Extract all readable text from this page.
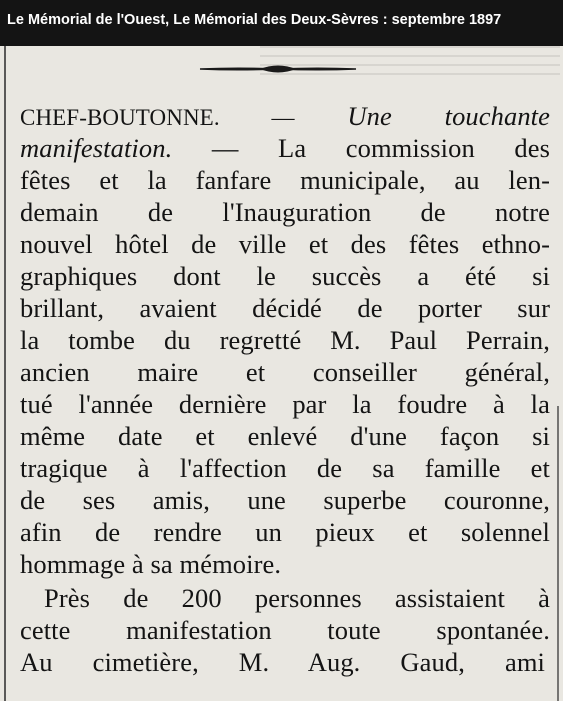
Le Mémorial de l'Ouest, Le Mémorial des Deux-Sèvres : septembre 1897
CHEF-BOUTONNE. — Une touchante
manifestation. — La commission des
fêtes et la fanfare municipale, au len-
demain de l'Inauguration de notre
nouvel hôtel de ville et des fêtes ethno-
graphiques dont le succès a été si
brillant, avaient décidé de porter sur
la tombe du regretté M. Paul Perrain,
ancien maire et conseiller général,
tué l'année dernière par la foudre à la
même date et enlevé d'une façon si
tragique à l'affection de sa famille et
de ses amis, une superbe couronne,
afin de rendre un pieux et solennel
hommage à sa mémoire.
Près de 200 personnes assistaient à
cette manifestation toute spontanée.
Au cimetière, M. Aug. Gaud, ami
